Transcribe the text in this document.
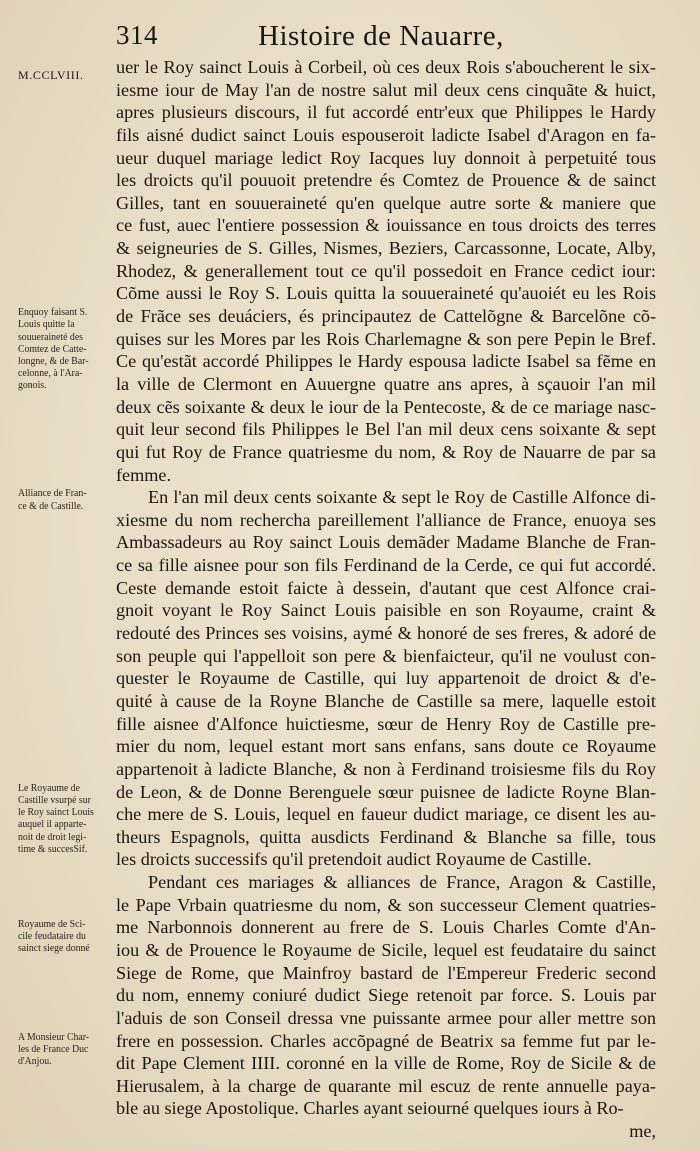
314	Histoire de Nauarre,
M.CCLVIII. uer le Roy sainct Louis à Corbeil, où ces deux Rois s'aboucherent le six-
iesme iour de May l'an de nostre salut mil deux cens cinquãte & huict,
apres plusieurs discours, il fut accordé entr'eux que Philippes le Hardy
fils aisné dudict sainct Louis espouseroit ladicte Isabel d'Aragon en fa-
ueur duquel mariage ledict Roy Iacques luy donnoit à perpetuité tous
les droicts qu'il pouuoit pretendre és Comtez de Prouence & de sainct
Gilles, tant en souueraineté qu'en quelque autre sorte & maniere que
ce fust, auec l'entiere possession & iouissance en tous droicts des terres
& seigneuries de S. Gilles, Nismes, Beziers, Carcassonne, Locate, Alby,
Rhodez, & generallement tout ce qu'il possedoit en France cedict iour:
Cõme aussi le Roy S. Louis quitta la souueraineté qu'auoiét eu les Rois
de Frãce ses deuáciers, és principautez de Cattelõgne & Barcelõne cõ-
quises sur les Mores par les Rois Charlemagne & son pere Pepin le Bref.
Ce qu'estãt accordé Philippes le Hardy espousa ladicte Isabel sa fẽme en
la ville de Clermont en Auuergne quatre ans apres, à sçauoir l'an mil
deux cẽs soixante & deux le iour de la Pentecoste, & de ce mariage nasc-
quit leur second fils Philippes le Bel l'an mil deux cens soixante & sept
qui fut Roy de France quatriesme du nom, & Roy de Nauarre de par sa
femme.
En l'an mil deux cents soixante & sept le Roy de Castille Alfonce di-
xiesme du nom rechercha pareillement l'alliance de France, enuoya ses
Ambassadeurs au Roy sainct Louis demãder Madame Blanche de Fran-
ce sa fille aisnee pour son fils Ferdinand de la Cerde, ce qui fut accordé.
Ceste demande estoit faicte à dessein, d'autant que cest Alfonce crai-
gnoit voyant le Roy Sainct Louis paisible en son Royaume, craint &
redouté des Princes ses voisins, aymé & honoré de ses freres, & adoré de
son peuple qui l'appelloit son pere & bienfaicteur, qu'il ne voulust con-
quester le Royaume de Castille, qui luy appartenoit de droict & d'e-
quité à cause de la Royne Blanche de Castille sa mere, laquelle estoit
fille aisnee d'Alfonce huictiesme, sœur de Henry Roy de Castille pre-
mier du nom, lequel estant mort sans enfans, sans doute ce Royaume
appartenoit à ladicte Blanche, & non à Ferdinand troisiesme fils du Roy
de Leon, & de Donne Berenguele sœur puisnee de ladicte Royne Blan-
che mere de S. Louis, lequel en faueur dudict mariage, ce disent les au-
theurs Espagnols, quitta ausdicts Ferdinand & Blanche sa fille, tous
les droicts successifs qu'il pretendoit audict Royaume de Castille.
Pendant ces mariages & alliances de France, Aragon & Castille,
le Pape Vrbain quatriesme du nom, & son successeur Clement quatries-
me Narbonnois donnerent au frere de S. Louis Charles Comte d'An-
iou & de Prouence le Royaume de Sicile, lequel est feudataire du sainct
Siege de Rome, que Mainfroy bastard de l'Empereur Frederic second
du nom, ennemy coniuré dudict Siege retenoit par force. S. Louis par
l'aduis de son Conseil dressa vne puissante armee pour aller mettre son
frere en possession. Charles accõpagné de Beatrix sa femme fut par le-
dit Pape Clement IIII. coronné en la ville de Rome, Roy de Sicile & de
Hierusalem, à la charge de quarante mil escuz de rente annuelle paya-
ble au siege Apostolique. Charles ayant seiourné quelques iours à Ro-
me,
Enquoy faisant S.
Louis quitte la
souueraineté des
Comtez de Catte-
longne, & de Bar-
celonne, à l'Ara-
gonois.
Alliance de Fran-
ce & de Castille.
Le Royaume de
Castille vsurpé sur
le Roy sainct Louis
auquel il apparte-
noit de droit legi-
time & succesSif.
Royaume de Sci-
cile feudataire du
sainct siege donné
A Monsieur Char-
les de France Duc
d'Anjou.
